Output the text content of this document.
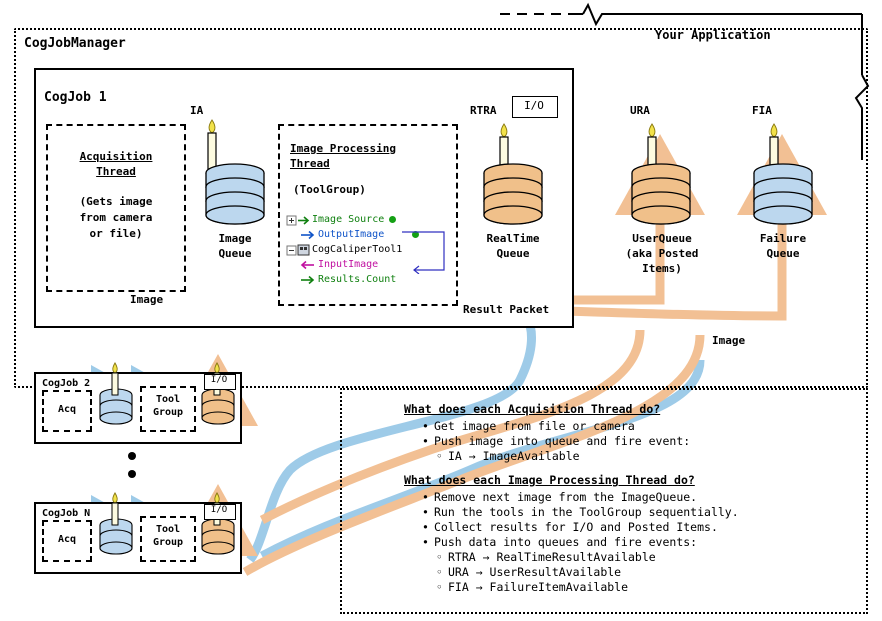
CogJobManager
Your Application
CogJob 1
Acquisition
Thread
(Gets image
from camera
or file)
Image
IA
Image
Queue
Image Processing
Thread
(ToolGroup)
Image Source
OutputImage
CogCaliperTool1
InputImage
Results.Count
Result Packet
RTRA	I/O
RealTime
Queue
URA
UserQueue
(aka Posted
Items)
FIA
Failure
Queue
Image
CogJob 2
Acq
Tool
Group
I/O
CogJob N
Acq
Tool
Group
I/O
What does each Acquisition Thread do?
• Get image from file or camera
• Push image into queue and fire event:
◦ IA → ImageAvailable
What does each Image Processing Thread do?
• Remove next image from the ImageQueue.
• Run the tools in the ToolGroup sequentially.
• Collect results for I/O and Posted Items.
• Push data into queues and fire events:
◦ RTRA → RealTimeResultAvailable
◦ URA → UserResultAvailable
◦ FIA → FailureItemAvailable
